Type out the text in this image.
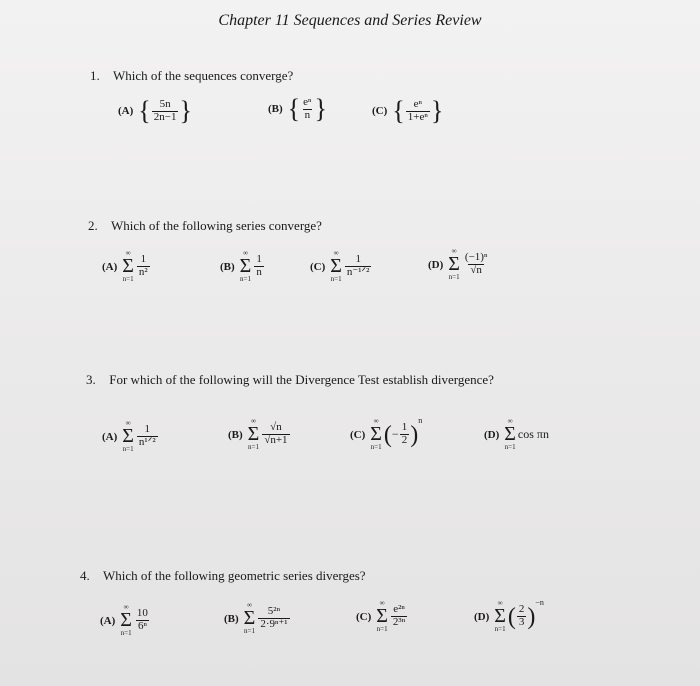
Chapter 11 Sequences and Series Review
1. Which of the sequences converge?
(A) { $\frac{5n}{2n-1}$ }	(B) { $\frac{\text{eⁿ}}{n}$ }	(C) { $\frac{\text{eⁿ}}{\text{1+eⁿ}}$ }
2. Which of the following series converge?
(A)
∞
Σ
n=1
$\frac{1}{\text{n²}}$	(B)
∞
Σ
n=1
$\frac{1}{n}$	(C)
∞
Σ
n=1
$\frac{1}{\text{n⁻¹ᐟ²}}$	(D)
∞
Σ
n=1
$\frac{\text{(−1)ⁿ}}{√n}$
3. For which of the following will the Divergence Test establish divergence?
(A)
∞
Σ
n=1
$\frac{1}{\text{n¹ᐟ²}}$	(B)
∞
Σ
n=1
$\frac{√n}{√n+1}$	(C)
∞
Σ
n=1 ( − $\frac{1}{2}$ )
n
(D)
∞
Σ
n=1
cos πn
4. Which of the following geometric series diverges?
(A)
∞
Σ
n=1
$\frac{10}{\text{6ⁿ}}$	(B)
∞
Σ
n=1
$\frac{\text{5²ⁿ}}{\text{2·9ⁿ⁺¹}}$	(C)
∞
Σ
n=1
$\frac{\text{e²ⁿ}}{\text{2³ⁿ}}$	(D)
∞
Σ
n=1 ( $\frac{2}{3}$ )
−n
